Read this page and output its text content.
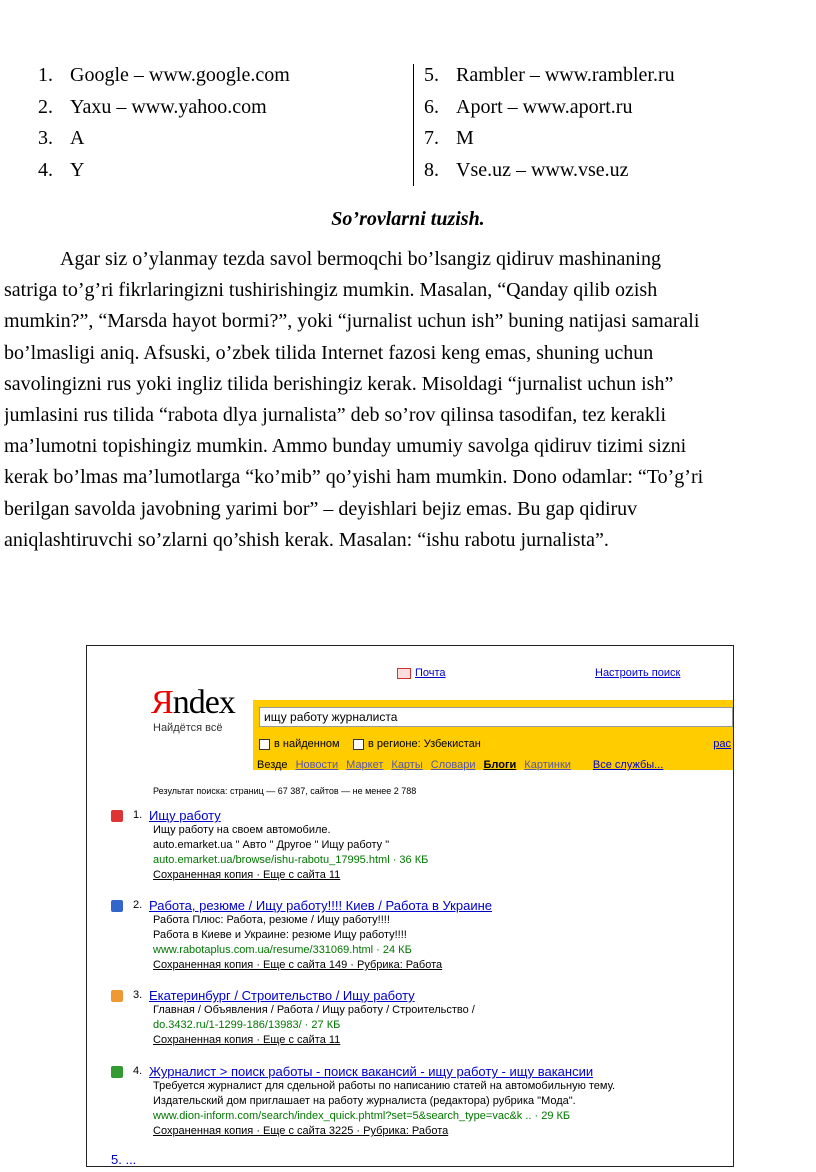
1. Google – www.google.com
2. Yaxu – www.yahoo.com
3. A
4. Y
5. Rambler – www.rambler.ru
6. Aport – www.aport.ru
7. M
8. Vse.uz – www.vse.uz
So’rovlarni tuzish.
Agar siz o’ylanmay tezda savol bermoqchi bo’lsangiz qidiruv mashinaning
satriga to’g’ri fikrlaringizni tushirishingiz mumkin. Masalan, “Qanday qilib ozish
mumkin?”, “Marsda hayot bormi?”, yoki “jurnalist uchun ish” buning natijasi samarali
bo’lmasligi aniq. Afsuski, o’zbek tilida Internet fazosi keng emas, shuning uchun
savolingizni rus yoki ingliz tilida berishingiz kerak. Misoldagi “jurnalist uchun ish”
jumlasini rus tilida “rabota dlya jurnalista” deb so’rov qilinsa tasodifan, tez kerakli
ma’lumotni topishingiz mumkin. Ammo bunday umumiy savolga qidiruv tizimi sizni
kerak bo’lmas ma’lumotlarga “ko’mib” qo’yishi ham mumkin. Dono odamlar: “To’g’ri
berilgan savolda javobning yarimi bor” – deyishlari bejiz emas. Bu gap qidiruv
aniqlashtiruvchi so’zlarni qo’shish kerak. Masalan: “ishu rabotu jurnalista”.
Яndex
Найдётся всё
Почта	Настроить поиск
ищу работу журналиста
в найденном	в регионе: Узбекистан	рас
Везде Новости Маркет Карты Словари Блоги Картинки Все службы...
Результат поиска: страниц — 67 387, сайтов — не менее 2 788
1. Ищу работу
Ищу работу на своем автомобиле.
auto.emarket.ua " Авто " Другое " Ищу работу "
auto.emarket.ua/browse/ishu-rabotu_17995.html · 36 КБ
Сохраненная копия · Еще с сайта 11
2. Работа, резюме / Ищу работу!!!! Киев / Работа в Украине
Работа Плюс: Работа, резюме / Ищу работу!!!!
Работа в Киеве и Украине: резюме Ищу работу!!!!
www.rabotaplus.com.ua/resume/331069.html · 24 КБ
Сохраненная копия · Еще с сайта 149 · Рубрика: Работа
3. Екатеринбург / Строительство / Ищу работу
Главная / Объявления / Работа / Ищу работу / Строительство /
do.3432.ru/1-1299-186/13983/ · 27 КБ
Сохраненная копия · Еще с сайта 11
4. Журналист > поиск работы - поиск вакансий - ищу работу - ищу вакансии
Требуется журналист для сдельной работы по написанию статей на автомобильную тему.
Издательский дом приглашает на работу журналиста (редактора) рубрика "Мода".
www.dion-inform.com/search/index_quick.phtml?set=5&search_type=vac&k .. · 29 КБ
Сохраненная копия · Еще с сайта 3225 · Рубрика: Работа
5. ...
